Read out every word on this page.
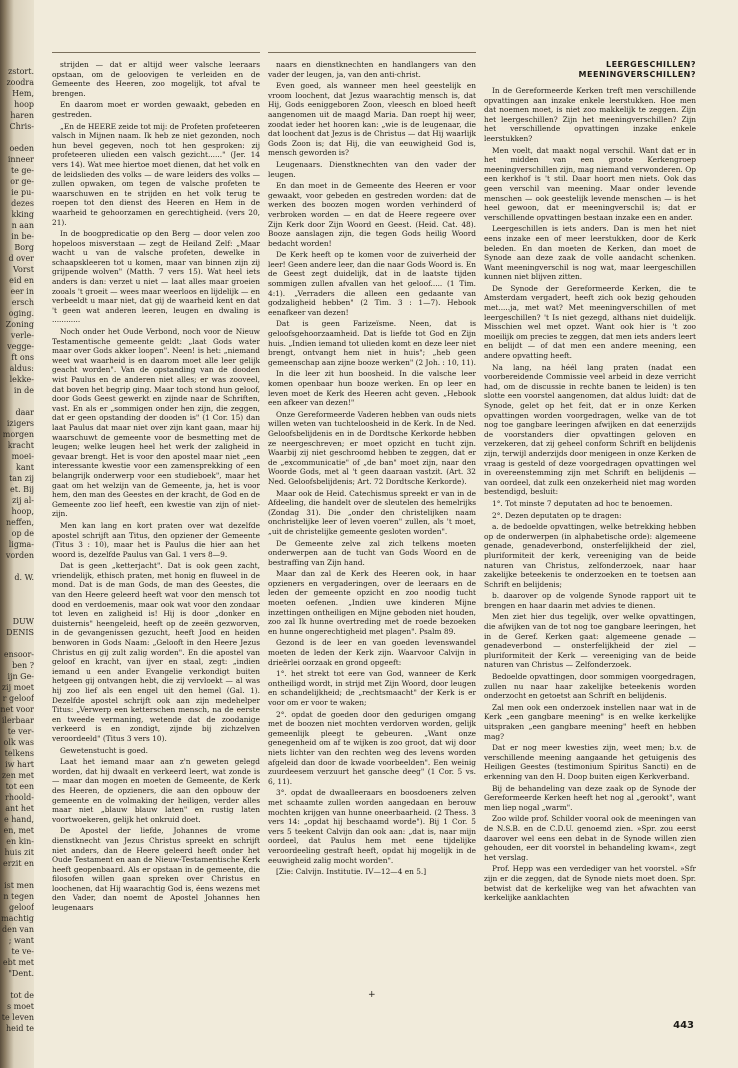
zstort.
zoodra
Hem,
hoop
haren
Chris-

oeden
inneer
te ge-
or ge-
ie pu-
dezes
kking
n aan
in be-
Borg
d over
Vorst
eid en
eer in
ersch
oging.
Zoning
verle-
vegge-
ft ons
aldus:
lekke-
in de

daar
izigers
morgen
kracht
moei-
kant
tan zij
et. Bij
zij al-
hoop,
neffen,
op de
ligma-
vorden

d. W.

DUW
DENIS

ensoor-
ben ?
ijn Ge-
zij moet
r geloof
net voor
ilerbaar
te ver-
olk was
telkens
iw hart
zen met
tot een
rhoold-
ant het
e hand,
en, met
en kin-
huis zit
erzit en

ist men
n tegen
geloof
machtig
den van
; want
te ve-
ebt met
"Dent.

tot de
s moet
te leven
heid te

strijden — dat er altijd weer valsche leeraars opstaan, om de geloovigen te verleiden en de Gemeente des Heeren, zoo mogelijk, tot afval te brengen.

En daarom moet er worden gewaakt, gebeden en gestreden.

„En de HEERE zeide tot mij: de Profeten profeteeren valsch in Mijnen naam. Ik heb ze niet gezonden, noch hun bevel gegeven, noch tot hen gesproken: zij profeteeren ulieden een valsch gezicht......" (Jer. 14 vers 14). Wat mee hiertoe moet dienen, dat het volk en de leidslieden des volks — de ware leiders des volks — zullen opwaken, om tegen de valsche profeten te waarschuwen en te strijden en het volk terug te roepen tot den dienst des Heeren en Hem in de waarheid te gehoorzamen en gerechtigheid. (vers 20, 21).

In de boogpredicatie op den Berg — door velen zoo hopeloos misverstaan — zegt de Heiland Zelf: „Maar wacht u van de valsche profeten, dewelke in schaapskleeren tot u komen, maar van binnen zijn zij grijpende wolven" (Matth. 7 vers 15). Wat heel iets anders is dan: verzet u niet — laat alles maar groeien zooals 't groeit — wees maar weerloos en lijdelijk — en verbeeldt u maar niet, dat gij de waarheid kent en dat 't geen wat anderen leeren, leugen en dwaling is ............

Noch onder het Oude Verbond, noch voor de Nieuw Testamentische gemeente geldt: „laat Gods water maar over Gods akker loopen". Neen! is het: „niemand weet wat waarheid is en daarom moet alle leer gelijk geacht worden". Van de opstanding van de dooden wist Paulus en de anderen niet alles; er was zooveel, dat boven het begrip ging. Maar toch stond hun geloof, door Gods Geest gewerkt en zijnde naar de Schriften, vast. En als er „sommigen onder hen zijn, die zeggen, dat er geen opstanding der dooden is" (1 Cor. 15) dan laat Paulus dat maar niet over zijn kant gaan, maar hij waarschuwt de gemeente voor de besmetting met de leugen; welke leugen heel het werk der zaligheid in gevaar brengt. Het is voor den apostel maar niet „een interessante kwestie voor een zamensprekking of een belangrijk onderwerp voor een studieboek", maar het gaat om het welzijn van de Gemeente, ja, het is voor hem, den man des Geestes en der kracht, de God en de Gemeente zoo lief heeft, een kwestie van zijn of niet-zijn.

Men kan lang en kort praten over wat dezelfde apostel schrijft aan Titus, den opziener der Gemeente (Titus 3 : 10), maar het is Paulus die hier aan het woord is, dezelfde Paulus van Gal. 1 vers 8—9.

Dat is geen „ketterjacht". Dat is ook geen zacht, vriendelijk, ethisch praten, met honig en fluweel in de mond. Dat is de man Gods, de man des Geestes, die van den Heere geleerd heeft wat voor den mensch tot dood en verdoemenis, maar ook wat voor den zondaar tot leven en zaligheid is! Hij is door „donker en duisternis" heengeleid, heeft op de zeeën gezworven, in de gevangenissen gezucht, heeft Jood en heiden benworen in Gods Naam: „Gelooft in den Heere Jezus Christus en gij zult zalig worden". En die apostel van geloof en kracht, van ijver en staal, zegt: „indien iemand u een ander Evangelie verkondigt buiten hetgeen gij ontvangen hebt, die zij vervloekt — al was hij zoo lief als een engel uit den hemel (Gal. 1). Dezelfde apostel schrijft ook aan zijn medehelper Titus: „Verwerp een ketterschen mensch, na de eerste en tweede vermaning, wetende dat de zoodanige verkeerd is en zondigt, zijnde bij zichzelven veroordeeld" (Titus 3 vers 10).

Gewetenstucht is goed.

Laat het iemand maar aan z'n geweten gelegd worden, dat hij dwaalt en verkeerd leert, wat zonde is — maar dan mogen en moeten de Gemeente, de Kerk des Heeren, de opzieners, die aan den opbouw der gemeente en de volmaking der heiligen, verder alles maar niet „blauw blauw laten" en rustig laten voortwoekeren, gelijk het onkruid doet.

De Apostel der liefde, Johannes de vrome dienstknecht van Jezus Christus spreekt en schrijft niet anders, dan de Heere geleerd heeft onder het Oude Testament en aan de Nieuw-Testamentische Kerk heeft geopenbaard. Als er opstaan in de gemeente, die filosofen willen gaan spreken over Christus en loochenen, dat Hij waarachtig God is, éens wezens met den Vader, dan noemt de Apostel Johannes hen leugenaars

naars en dienstknechten en handlangers van den vader der leugen, ja, van den anti-christ.

Even goed, als wanneer men heel geestelijk en vroom loochent, dat Jezus waarachtig mensch is, dat Hij, Gods eeniggeboren Zoon, vleesch en bloed heeft aangenomen uit de maagd Maria. Dan roept hij weer, zoodat ieder het hooren kan: „wie is de leugenaar, die dat loochent dat Jezus is de Christus — dat Hij waarlijk Gods Zoon is; dat Hij, die van eeuwigheid God is, mensch geworden is?

Leugenaars. Dienstknechten van den vader der leugen.

En dan moet in de Gemeente des Heeren er voor gewaakt, voor gebeden en gestreden worden: dat de werken des boozen mogen worden verhinderd of verbroken worden — en dat de Heere regeere over Zijn Kerk door Zijn Woord en Geest. (Heid. Cat. 48). Booze aanslagen zijn, die tegen Gods heilig Woord bedacht worden!

De Kerk heeft op te komen voor de zuiverheid der leer! Geen andere leer, dan die naar Gods Woord is. En de Geest zegt duidelijk, dat in de laatste tijden sommigen zullen afvallen van het geloof..... (1 Tim. 4:1). „Verraders die alleen een gedaante van godzaligheid hebben" (2 Tim. 3 : 1—7). Hebook eenafkeer van dezen!

Dat is geen Farizeïsme. Neen, dat is geloofsgehoorzaamheid. Dat is liefde tot God en Zijn huis. „Indien iemand tot ulieden komt en deze leer niet brengt, ontvangt hem niet in huis"; „heb geen gemeenschap aan zijne booze werken" (2 Joh. : 10, 11).

In die leer zit hun boosheid. In die valsche leer komen openbaar hun booze werken. En op leer en leven moet de Kerk des Heeren acht geven. „Hebook een afkeer van dezen!"

Onze Gereformeerde Vaderen hebben van ouds niets willen weten van tuchteloosheid in de Kerk. In de Ned. Geloofsbelijdenis en in de Dordtsche Kerkorde hebben ze neergeschreven; er moet opzicht en tucht zijn. Waarbij zij niet geschroomd hebben te zeggen, dat er de „excommunicatie" of „de ban" moet zijn, naar den Woorde Gods, met al 't geen daaraan vastzit. (Art. 32 Ned. Geloofsbelijdenis; Art. 72 Dordtsche Kerkorde).

Maar ook de Heid. Catechismus spreekt er van in de Afdeeling, die handelt over de sleutelen des hemelrijks (Zondag 31). Die „onder den christelijken naam onchristelijke leer of leven voeren" zullen, als 't moet, „uit de christelijke gemeente gesloten worden".

De Gemeente zelve zal zich telkens moeten onderwerpen aan de tucht van Gods Woord en de bestraffing van Zijn hand.

Maar dan zal de Kerk des Heeren ook, in haar opzieners en vergaderingen, over de leeraars en de leden der gemeente opzicht en zoo noodig tucht moeten oefenen. „Indien uwe kinderen Mijne inzettingen ontheiligen en Mijne geboden niet houden, zoo zal Ik hunne overtreding met de roede bezoeken en hunne ongerechtigheid met plagen". Psalm 89.

Gezond is de leer en van goeden levenswandel moeten de leden der Kerk zijn. Waarvoor Calvijn in drieërlei oorzaak en grond opgeeft:

1°. het strekt tot eere van God, wanneer de Kerk ontheiligd wordt, in strijd met Zijn Woord, door leugen en schandelijkheid; de „rechtsmaacht" der Kerk is er voor om er voor te waken;

2°. opdat de goeden door den gedurigen omgang met de boozen niet mochten verdorven worden, gelijk gemeenlijk pleegt te gebeuren. „Want onze genegenheid om af te wijken is zoo groot, dat wij door niets lichter van den rechten weg des levens worden afgeleid dan door de kwade voorbeelden". Een weinig zuurdeesem verzuurt het gansche deeg" (1 Cor. 5 vs. 6, 11).

3°. opdat de dwaalleeraars en boosdoeners zelven met schaamte zullen worden aangedaan en berouw mochten krijgen van hunne oneerbaarheid. (2 Thess. 3 vers 14: „opdat hij beschaamd worde"). Bij 1 Cor. 5 vers 5 teekent Calvijn dan ook aan: „dat is, naar mijn oordeel, dat Paulus hem met eene tijdelijke veroordeeling gestraft heeft, opdat hij mogelijk in de eeuwigheid zalig mocht worden".

[Zie: Calvijn. Institutie. IV—12—4 en 5.]

+
LEERGESCHILLEN?
MEENINGVERSCHILLEN?

In de Gereformeerde Kerken treft men verschillende opvattingen aan inzake enkele leerstukken. Hoe men dat noemen moet, is niet zoo makkelijk te zeggen. Zijn het leergeschillen? Zijn het meeningverschillen? Zijn het verschillende opvattingen inzake enkele leerstukken?

Men voelt, dat maakt nogal verschil. Want dat er in het midden van een groote Kerkengroep meeningverschillen zijn, mag niemand verwonderen. Op een kerkhof is 't stil. Daar hoort men niets. Ook das geen verschil van meening. Maar onder levende menschen — ook geestelijk levende menschen — is het heel gewoon, dat er meeningverschil is; dat er verschillende opvattingen bestaan inzake een en ander.

Leergeschillen is iets anders. Dan is men het niet eens inzake een of meer leerstukken, door de Kerk beleden. En dan moeten de Kerken, dan moet de Synode aan deze zaak de volle aandacht schenken. Want meeningverschil is nog wat, maar leergeschillen kunnen niet blijven zitten.

De Synode der Gereformeerde Kerken, die te Amsterdam vergadert, heeft zich ook bezig gehouden met.....ja, met wat? Met meeningverschillen of met leergeschillen? 't Is niet gezegd, althans niet duidelijk. Misschien wel met opzet. Want ook hier is 't zoo moeilijk om precies te zeggen, dat men iets anders leert en belijdt — of dat men een andere meening, een andere opvatting heeft.

Na lang, na héél lang praten (nadat een voorbereidende Commissie veel arbeid in deze verricht had, om de discussie in rechte banen te leiden) is ten slotte een voorstel aangenomen, dat aldus luidt: dat de Synode, gelet op het feit, dat er in onze Kerken opvattingen worden voorgedragen, welke van de tot nog toe gangbare leeringen afwijken en dat eenerzijds de voorstanders dier opvattingen geloven en verzekeren, dat zij geheel conform Schrift en belijdenis zijn, terwijl anderzijds door menigeen in onze Kerken de vraag is gesteld of deze voorgedragen opvattingen wel in overeenstemming zijn met Schrift en belijdenis — van oordeel, dat zulk een onzekerheid niet mag worden bestendigd, besluit:

1°. Tot minste 7 deputaten ad hoc te benoemen.

2°. Dezen deputaten op te dragen:

a. de bedoelde opvattingen, welke betrekking hebben op de onderwerpen (in alphabetische orde): algemeene genade, genadeverbond, onsterfelijkheid der ziel, pluriformiteit der kerk, vereeniging van de beide naturen van Christus, zelfonderzoek, naar haar zakelijke beteekenis te onderzoeken en te toetsen aan Schrift en belijdenis;

b. daarover op de volgende Synode rapport uit te brengen en haar daarin met advies te dienen.

Men ziet hier dus tegelijk, over welke opvattingen, die afwijken van de tot nog toe gangbare leeringen, het in de Geref. Kerken gaat: algemeene genade — genadeverbond — onsterfelijkheid der ziel — pluriformiteit der Kerk — vereeniging van de beide naturen van Christus — Zelfonderzoek.

Bedoelde opvattingen, door sommigen voorgedragen, zullen nu naar haar zakelijke beteekenis worden onderzocht en getoetst aan Schrift en belijdenis.

Zal men ook een onderzoek instellen naar wat in de Kerk „een gangbare meening" is en welke kerkelijke uitspraken „een gangbare meening" heeft en hebben mag?

Dat er nog meer kwesties zijn, weet men; b.v. de verschillende meening aangaande het getuigenis des Heiligen Geestes (testimonium Spiritus Sancti) en de erkenning van den H. Doop buiten eigen Kerkverband.

Bij de behandeling van deze zaak op de Synode der Gereformeerde Kerken heeft het nog al „gerookt", want men liep nogal „warm".

Zoo wilde prof. Schilder vooral ook de meeningen van de N.S.B. en de C.D.U. genoemd zien. »Spr. zou eerst daarover wel eens een debat in de Synode willen zien gehouden, eer dit voorstel in behandeling kwam«, zegt het verslag.

Prof. Hepp was een verdediger van het voorstel. »Sfr zijn er die zeggen, dat de Synode niets moet doen. Spr. betwist dat de kerkelijke weg van het afwachten van kerkelijke aanklachten

443
